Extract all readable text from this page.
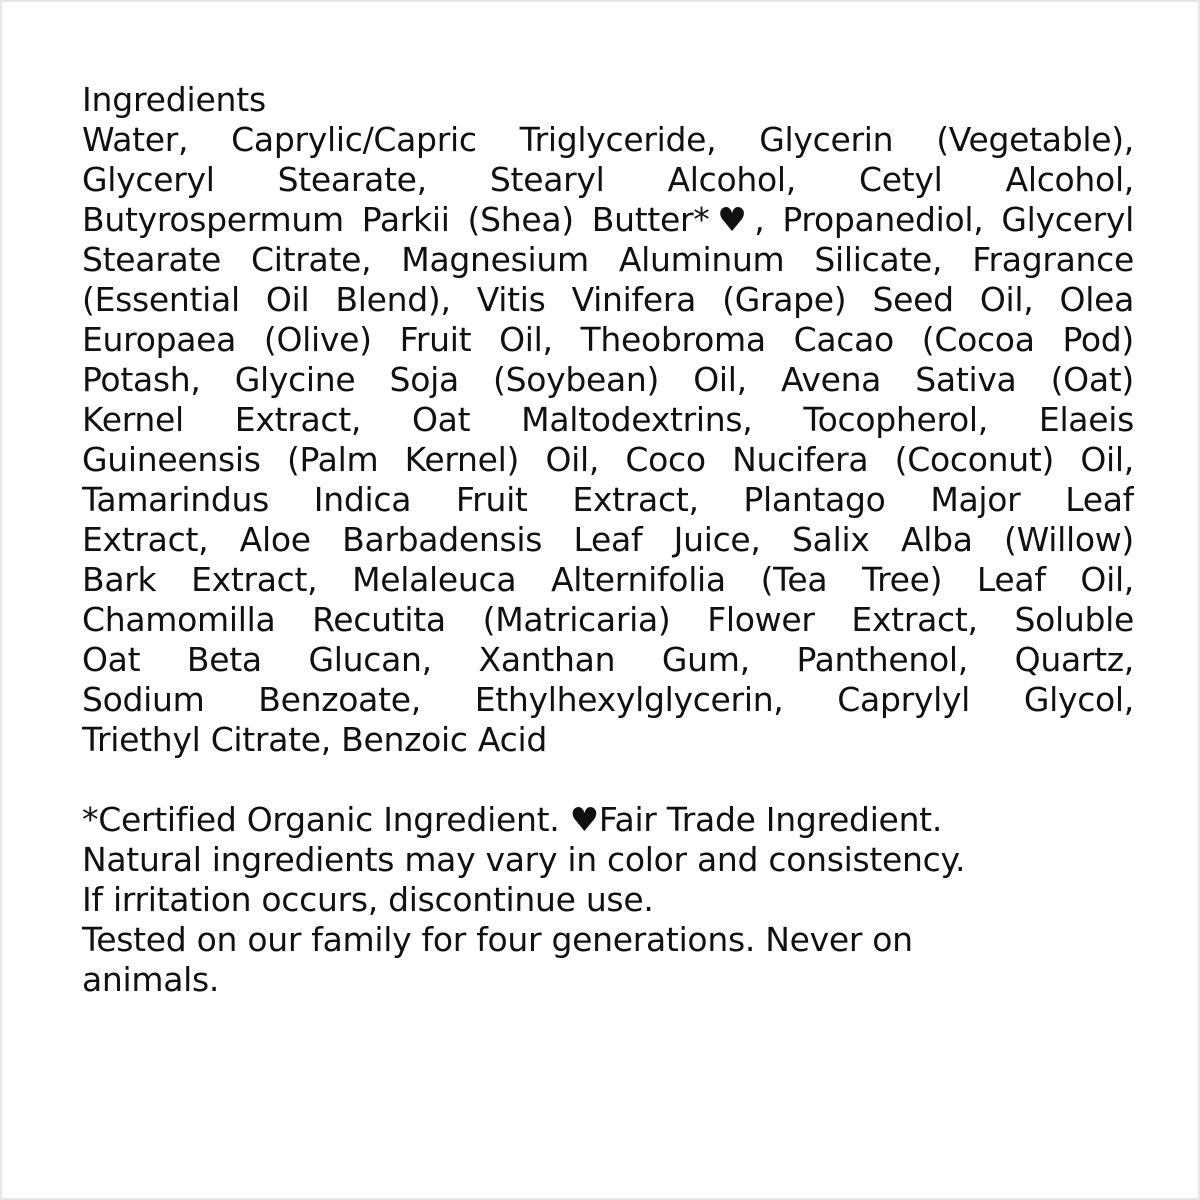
Ingredients
Water, Caprylic/Capric Triglyceride, Glycerin (Vegetable),
Glyceryl Stearate, Stearyl Alcohol, Cetyl Alcohol,
Butyrospermum Parkii (Shea) Butter*♥, Propanediol, Glyceryl
Stearate Citrate, Magnesium Aluminum Silicate, Fragrance
(Essential Oil Blend), Vitis Vinifera (Grape) Seed Oil, Olea
Europaea (Olive) Fruit Oil, Theobroma Cacao (Cocoa Pod)
Potash, Glycine Soja (Soybean) Oil, Avena Sativa (Oat)
Kernel Extract, Oat Maltodextrins, Tocopherol, Elaeis
Guineensis (Palm Kernel) Oil, Coco Nucifera (Coconut) Oil,
Tamarindus Indica Fruit Extract, Plantago Major Leaf
Extract, Aloe Barbadensis Leaf Juice, Salix Alba (Willow)
Bark Extract, Melaleuca Alternifolia (Tea Tree) Leaf Oil,
Chamomilla Recutita (Matricaria) Flower Extract, Soluble
Oat Beta Glucan, Xanthan Gum, Panthenol, Quartz,
Sodium Benzoate, Ethylhexylglycerin, Caprylyl Glycol,
Triethyl Citrate, Benzoic Acid
*Certified Organic Ingredient. ♥Fair Trade Ingredient.
Natural ingredients may vary in color and consistency.
If irritation occurs, discontinue use.
Tested on our family for four generations. Never on
animals.
